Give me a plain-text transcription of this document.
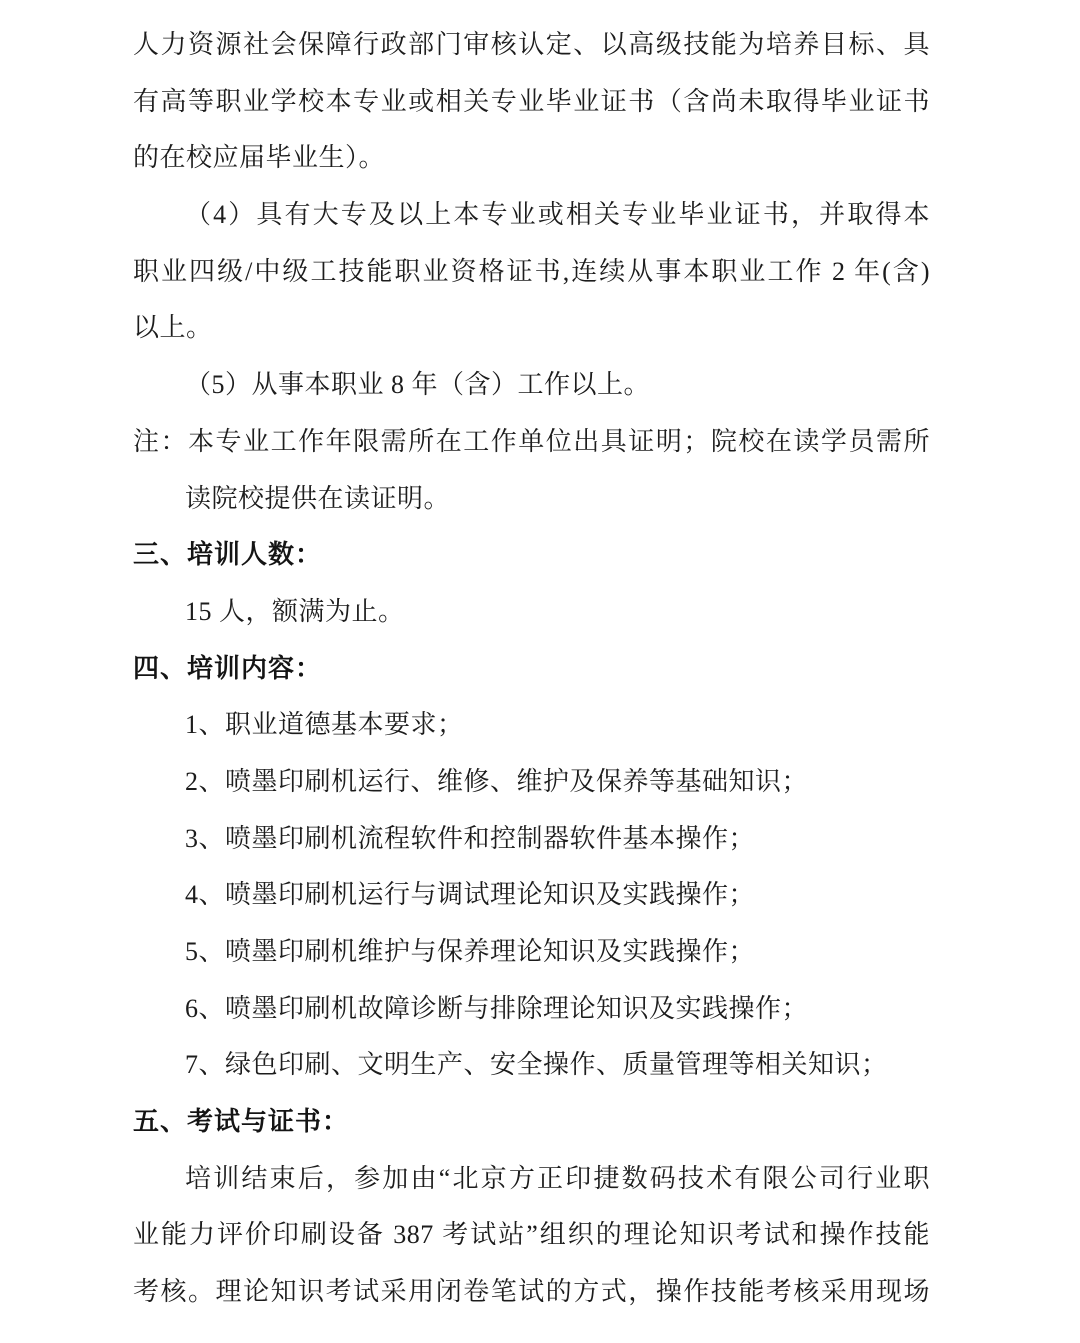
人力资源社会保障行政部门审核认定、以高级技能为培养目标、具
有高等职业学校本专业或相关专业毕业证书（含尚未取得毕业证书
的在校应届毕业生）。
（4）具有大专及以上本专业或相关专业毕业证书，并取得本
职业四级/中级工技能职业资格证书,连续从事本职业工作 2 年(含)
以上。
（5）从事本职业 8 年（含）工作以上。
注：本专业工作年限需所在工作单位出具证明；院校在读学员需所
读院校提供在读证明。
三、培训人数：
15 人，额满为止。
四、培训内容：
1、职业道德基本要求；
2、喷墨印刷机运行、维修、维护及保养等基础知识；
3、喷墨印刷机流程软件和控制器软件基本操作；
4、喷墨印刷机运行与调试理论知识及实践操作；
5、喷墨印刷机维护与保养理论知识及实践操作；
6、喷墨印刷机故障诊断与排除理论知识及实践操作；
7、绿色印刷、文明生产、安全操作、质量管理等相关知识；
五、考试与证书：
培训结束后，参加由“北京方正印捷数码技术有限公司行业职
业能力评价印刷设备 387 考试站”组织的理论知识考试和操作技能
考核。理论知识考试采用闭卷笔试的方式，操作技能考核采用现场
